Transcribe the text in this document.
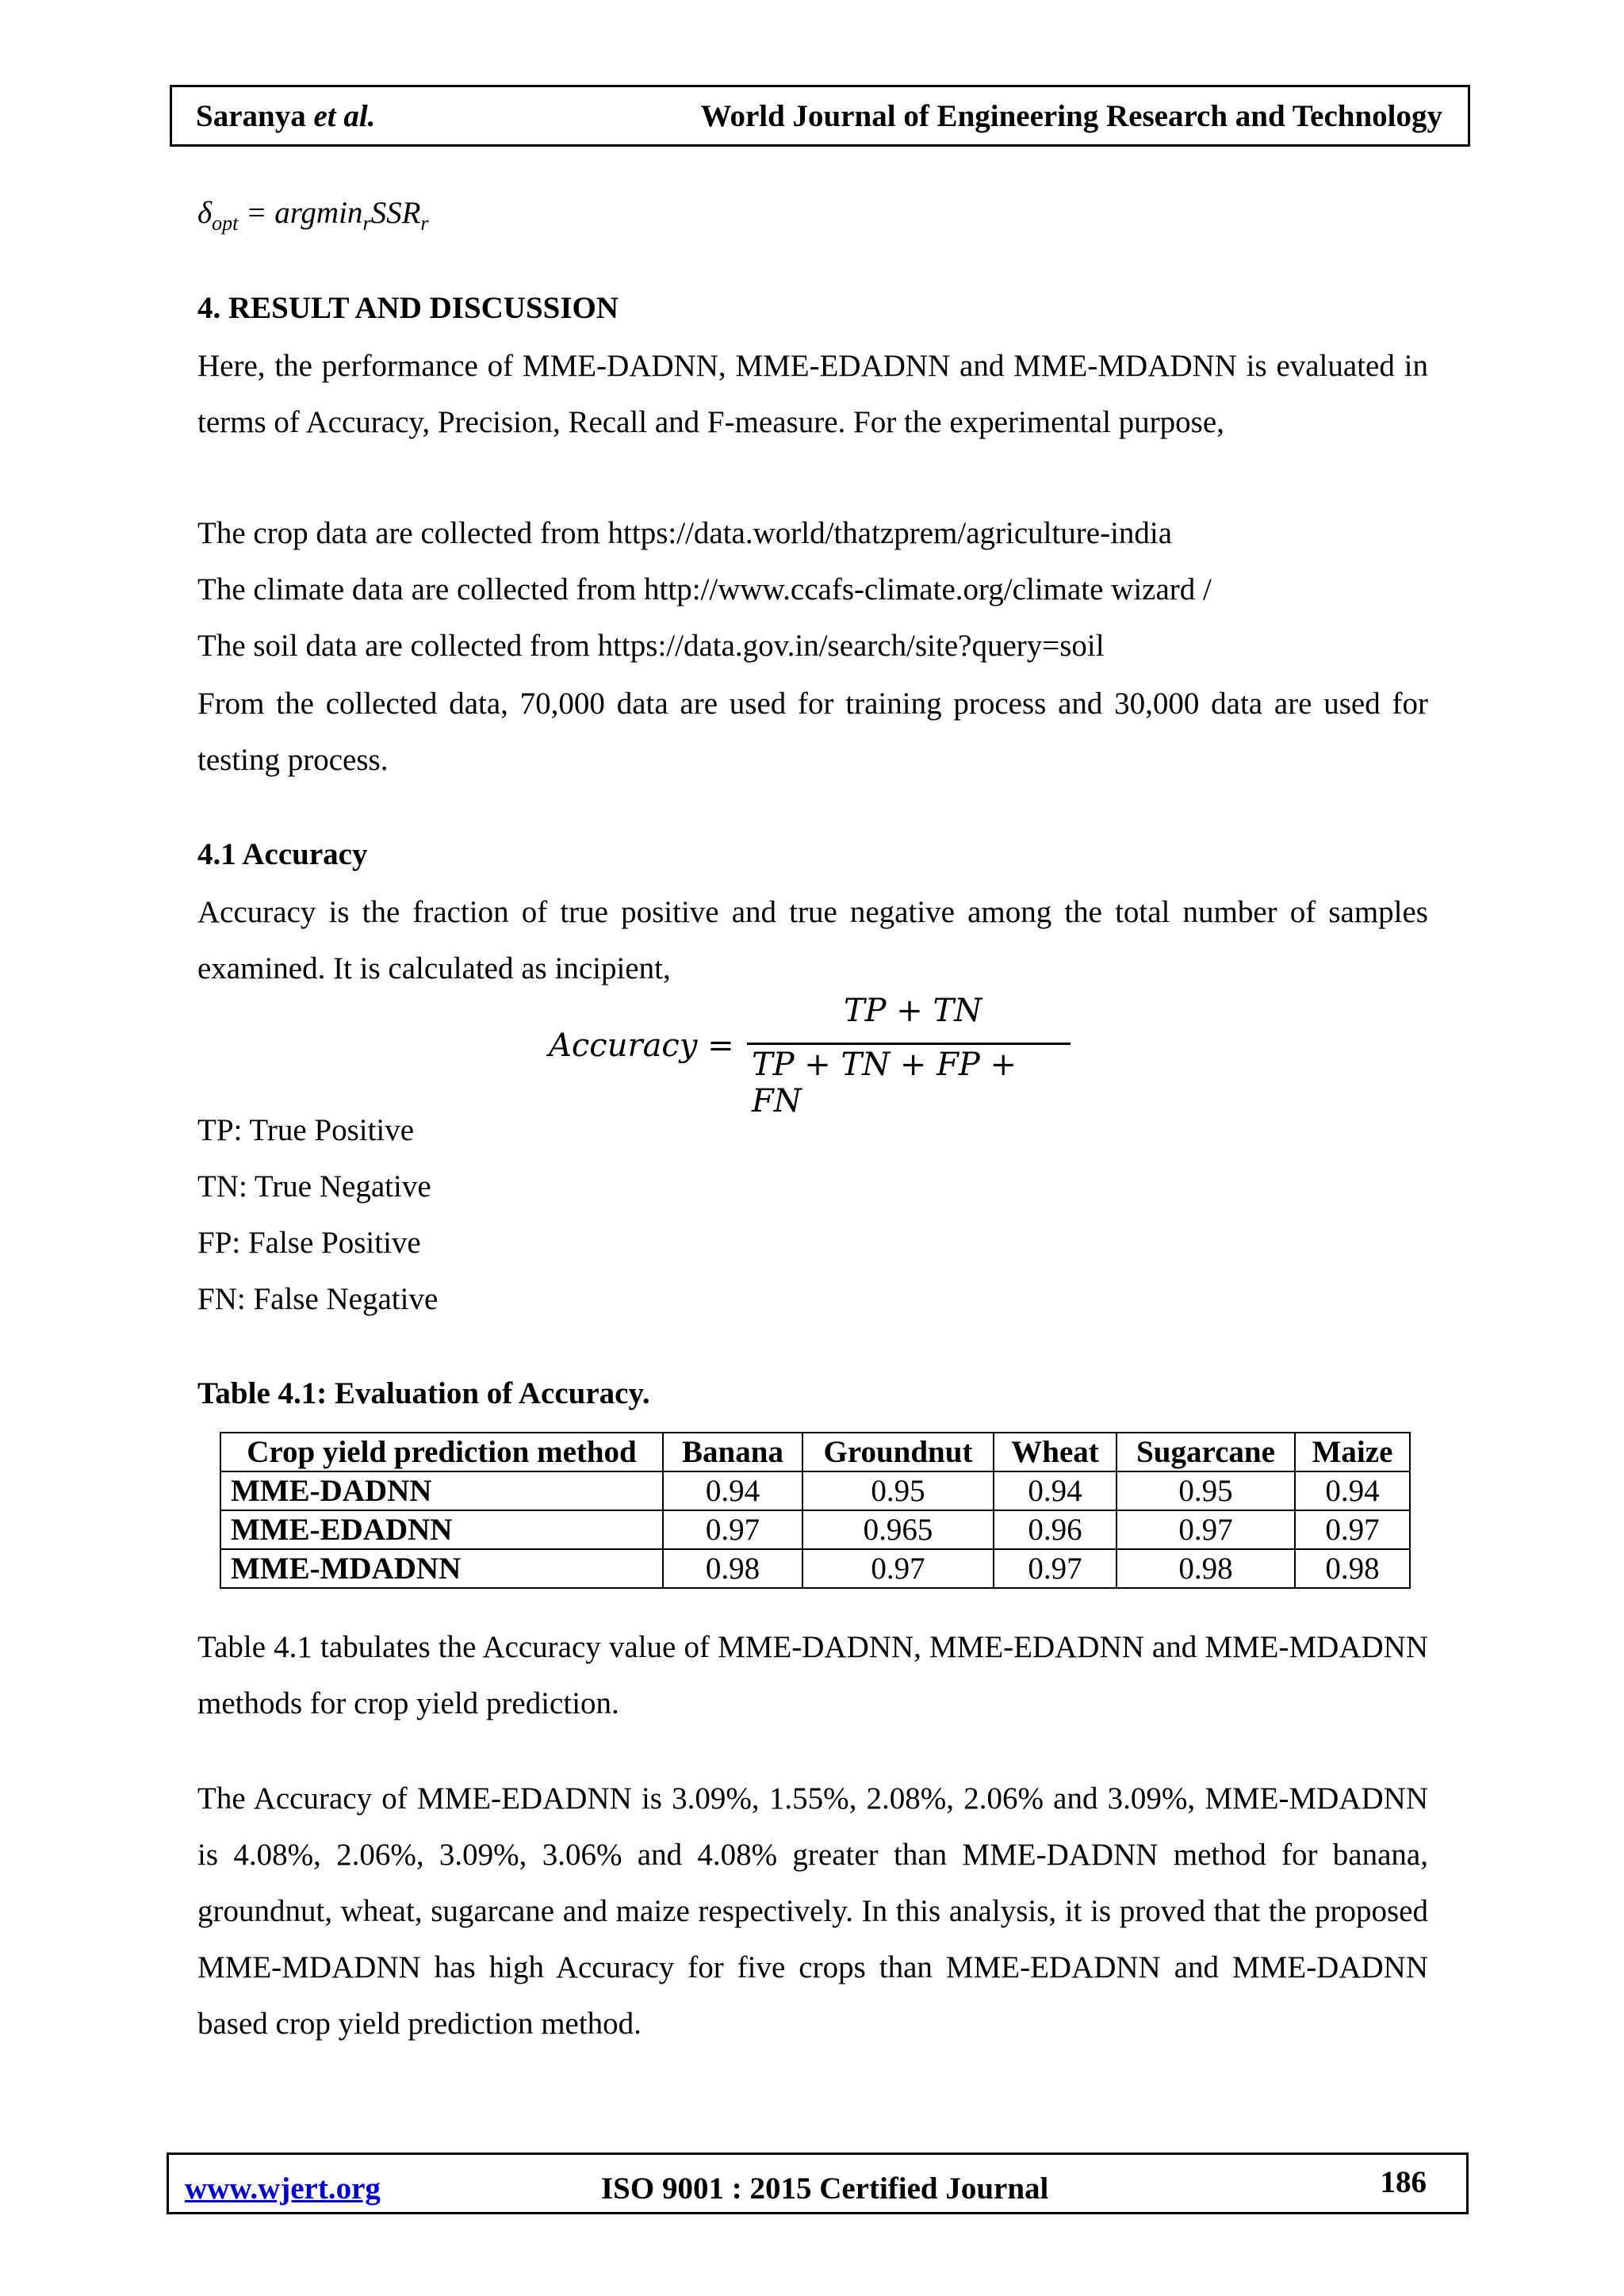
Saranya et al.	World Journal of Engineering Research and Technology
$\delta_{opt} = argmin_rSSR_r$
4. RESULT AND DISCUSSION
Here, the performance of MME-DADNN, MME-EDADNN and MME-MDADNN is evaluated in terms of Accuracy, Precision, Recall and F-measure. For the experimental purpose,
The crop data are collected from https://data.world/thatzprem/agriculture-india
The climate data are collected from http://www.ccafs-climate.org/climate wizard /
The soil data are collected from https://data.gov.in/search/site?query=soil
From the collected data, 70,000 data are used for training process and 30,000 data are used for testing process.
4.1 Accuracy
Accuracy is the fraction of true positive and true negative among the total number of samples examined. It is calculated as incipient,
Accuracy =
TP + TN
TP + TN + FP + FN
TP: True Positive
TN: True Negative
FP: False Positive
FN: False Negative
Table 4.1: Evaluation of Accuracy.
Crop yield prediction method	Banana	Groundnut	Wheat	Sugarcane	Maize
MME-DADNN	0.94	0.95	0.94	0.95	0.94
MME-EDADNN	0.97	0.965	0.96	0.97	0.97
MME-MDADNN	0.98	0.97	0.97	0.98	0.98
Table 4.1 tabulates the Accuracy value of MME-DADNN, MME-EDADNN and MME-MDADNN methods for crop yield prediction.
The Accuracy of MME-EDADNN is 3.09%, 1.55%, 2.08%, 2.06% and 3.09%, MME-MDADNN is 4.08%, 2.06%, 3.09%, 3.06% and 4.08% greater than MME-DADNN method for banana, groundnut, wheat, sugarcane and maize respectively. In this analysis, it is proved that the proposed MME-MDADNN has high Accuracy for five crops than MME-EDADNN and MME-DADNN based crop yield prediction method.
www.wjert.org	ISO 9001 : 2015 Certified Journal	186
